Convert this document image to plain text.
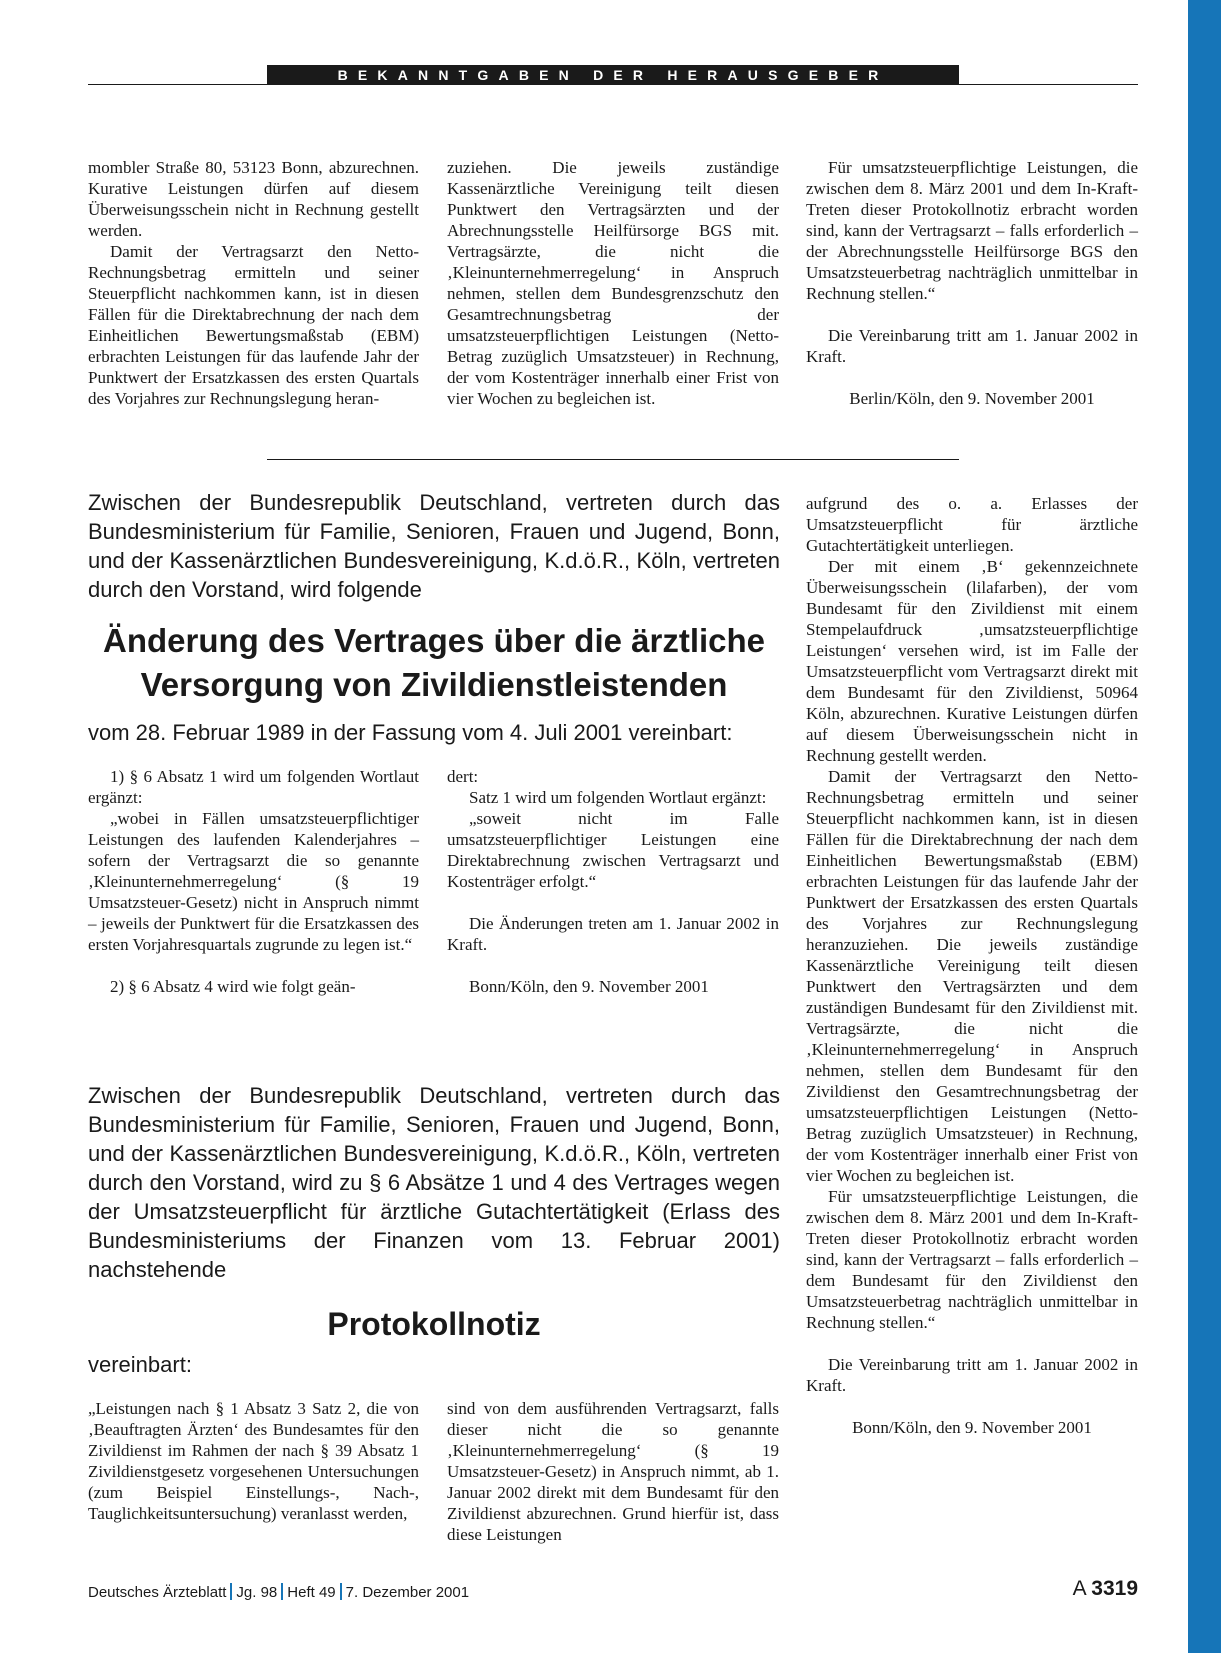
BEKANNTGABEN DER HERAUSGEBER

mombler Straße 80, 53123 Bonn, abzurechnen. Kurative Leistungen dürfen auf diesem Überweisungsschein nicht in Rechnung gestellt werden.

Damit der Vertragsarzt den Netto-Rechnungsbetrag ermitteln und seiner Steuerpflicht nachkommen kann, ist in diesen Fällen für die Direktabrechnung der nach dem Einheitlichen Bewertungsmaßstab (EBM) erbrachten Leistungen für das laufende Jahr der Punktwert der Ersatzkassen des ersten Quartals des Vorjahres zur Rechnungslegung heran-

zuziehen. Die jeweils zuständige Kassenärztliche Vereinigung teilt diesen Punktwert den Vertragsärzten und der Abrechnungsstelle Heilfürsorge BGS mit. Vertragsärzte, die nicht die ‚Kleinunternehmerregelung‘ in Anspruch nehmen, stellen dem Bundesgrenzschutz den Gesamtrechnungsbetrag der umsatzsteuerpflichtigen Leistungen (Netto-Betrag zuzüglich Umsatzsteuer) in Rechnung, der vom Kostenträger innerhalb einer Frist von vier Wochen zu begleichen ist.

Für umsatzsteuerpflichtige Leistungen, die zwischen dem 8. März 2001 und dem In-Kraft-Treten dieser Protokollnotiz erbracht worden sind, kann der Vertragsarzt – falls erforderlich – der Abrechnungsstelle Heilfürsorge BGS den Umsatzsteuerbetrag nachträglich unmittelbar in Rechnung stellen.“

Die Vereinbarung tritt am 1. Januar 2002 in Kraft.

Berlin/Köln, den 9. November 2001

Zwischen der Bundesrepublik Deutschland, vertreten durch das Bundesministerium für Familie, Senioren, Frauen und Jugend, Bonn, und der Kassenärztlichen Bundesvereinigung, K.d.ö.R., Köln, vertreten durch den Vorstand, wird folgende
Änderung des Vertrages über die ärztliche
Versorgung von Zivildienstleistenden
vom 28. Februar 1989 in der Fassung vom 4. Juli 2001 vereinbart:

1) § 6 Absatz 1 wird um folgenden Wortlaut ergänzt:

„wobei in Fällen umsatzsteuerpflichtiger Leistungen des laufenden Kalenderjahres – sofern der Vertragsarzt die so genannte ‚Kleinunternehmerregelung‘ (§ 19 Umsatzsteuer-Gesetz) nicht in Anspruch nimmt – jeweils der Punktwert für die Ersatzkassen des ersten Vorjahresquartals zugrunde zu legen ist.“

2) § 6 Absatz 4 wird wie folgt geän-

dert:

Satz 1 wird um folgenden Wortlaut ergänzt:

„soweit nicht im Falle umsatzsteuerpflichtiger Leistungen eine Direktabrechnung zwischen Vertragsarzt und Kostenträger erfolgt.“

Die Änderungen treten am 1. Januar 2002 in Kraft.

Bonn/Köln, den 9. November 2001

aufgrund des o. a. Erlasses der Umsatzsteuerpflicht für ärztliche Gutachtertätigkeit unterliegen.

Der mit einem ‚B‘ gekennzeichnete Überweisungsschein (lilafarben), der vom Bundesamt für den Zivildienst mit einem Stempelaufdruck ‚umsatzsteuerpflichtige Leistungen‘ versehen wird, ist im Falle der Umsatzsteuerpflicht vom Vertragsarzt direkt mit dem Bundesamt für den Zivildienst, 50964 Köln, abzurechnen. Kurative Leistungen dürfen auf diesem Überweisungsschein nicht in Rechnung gestellt werden.

Damit der Vertragsarzt den Netto-Rechnungsbetrag ermitteln und seiner Steuerpflicht nachkommen kann, ist in diesen Fällen für die Direktabrechnung der nach dem Einheitlichen Bewertungsmaßstab (EBM) erbrachten Leistungen für das laufende Jahr der Punktwert der Ersatzkassen des ersten Quartals des Vorjahres zur Rechnungslegung heranzuziehen. Die jeweils zuständige Kassenärztliche Vereinigung teilt diesen Punktwert den Vertragsärzten und dem zuständigen Bundesamt für den Zivildienst mit. Vertragsärzte, die nicht die ‚Kleinunternehmerregelung‘ in Anspruch nehmen, stellen dem Bundesamt für den Zivildienst den Gesamtrechnungsbetrag der umsatzsteuerpflichtigen Leistungen (Netto-Betrag zuzüglich Umsatzsteuer) in Rechnung, der vom Kostenträger innerhalb einer Frist von vier Wochen zu begleichen ist.

Für umsatzsteuerpflichtige Leistungen, die zwischen dem 8. März 2001 und dem In-Kraft-Treten dieser Protokollnotiz erbracht worden sind, kann der Vertragsarzt – falls erforderlich – dem Bundesamt für den Zivildienst den Umsatzsteuerbetrag nachträglich unmittelbar in Rechnung stellen.“

Die Vereinbarung tritt am 1. Januar 2002 in Kraft.

Bonn/Köln, den 9. November 2001

Zwischen der Bundesrepublik Deutschland, vertreten durch das Bundesministerium für Familie, Senioren, Frauen und Jugend, Bonn, und der Kassenärztlichen Bundesvereinigung, K.d.ö.R., Köln, vertreten durch den Vorstand, wird zu § 6 Absätze 1 und 4 des Vertrages wegen der Umsatzsteuerpflicht für ärztliche Gutachtertätigkeit (Erlass des Bundesministeriums der Finanzen vom 13. Februar 2001) nachstehende
Protokollnotiz
vereinbart:

„Leistungen nach § 1 Absatz 3 Satz 2, die von ‚Beauftragten Ärzten‘ des Bundesamtes für den Zivildienst im Rahmen der nach § 39 Absatz 1 Zivildienstgesetz vorgesehenen Untersuchungen (zum Beispiel Einstellungs-, Nach-, Tauglichkeitsuntersuchung) veranlasst werden,

sind von dem ausführenden Vertragsarzt, falls dieser nicht die so genannte ‚Kleinunternehmerregelung‘ (§ 19 Umsatzsteuer-Gesetz) in Anspruch nimmt, ab 1. Januar 2002 direkt mit dem Bundesamt für den Zivildienst abzurechnen. Grund hierfür ist, dass diese Leistungen

Deutsches Ärzteblatt Jg. 98 Heft 49 7. Dezember 2001	A 3319
